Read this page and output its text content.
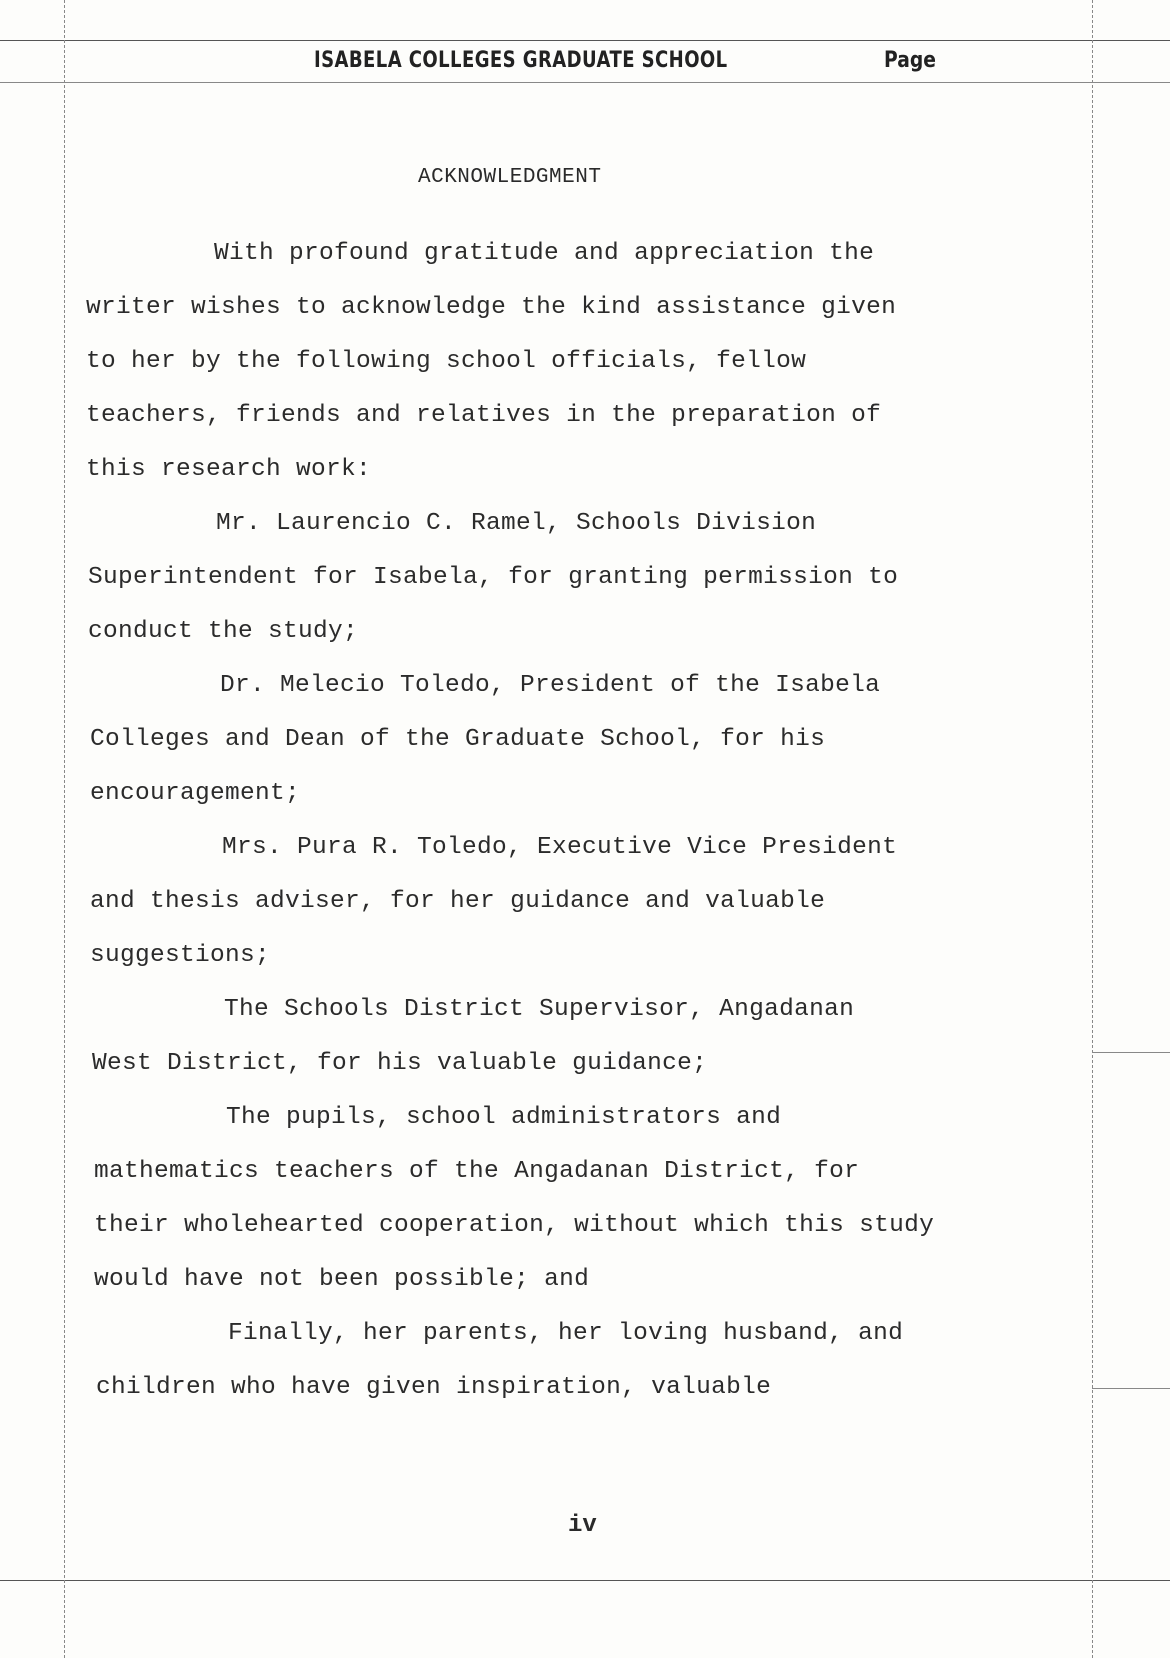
ISABELA COLLEGES GRADUATE SCHOOL	Page
ACKNOWLEDGMENT
With profound gratitude and appreciation the
writer wishes to acknowledge the kind assistance given
to her by the following school officials, fellow
teachers, friends and relatives in the preparation of
this research work:
Mr. Laurencio C. Ramel, Schools Division
Superintendent for Isabela, for granting permission to
conduct the study;
Dr. Melecio Toledo, President of the Isabela
Colleges and Dean of the Graduate School, for his
encouragement;
Mrs. Pura R. Toledo, Executive Vice President
and thesis adviser, for her guidance and valuable
suggestions;
The Schools District Supervisor, Angadanan
West District, for his valuable guidance;
The pupils, school administrators and
mathematics teachers of the Angadanan District, for
their wholehearted cooperation, without which this study
would have not been possible; and
Finally, her parents, her loving husband, and
children who have given inspiration, valuable
iv
